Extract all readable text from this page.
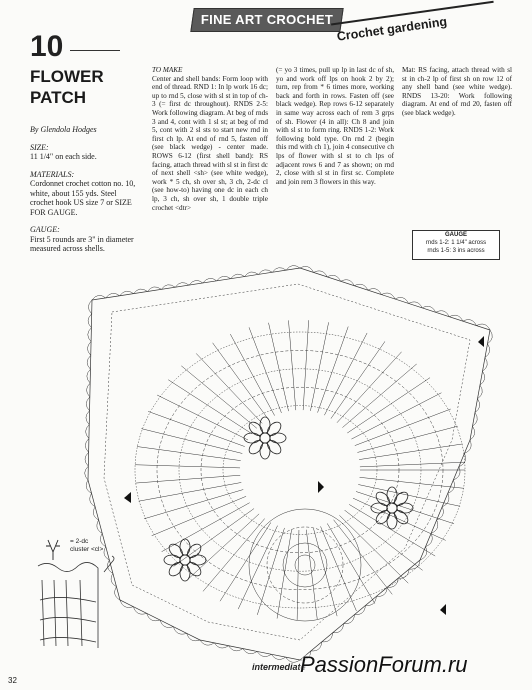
FINE ART CROCHET Crochet gardening
10
FLOWER
PATCH
By Glendola Hodges
SIZE:
11 1/4" on each side.
MATERIALS:
Cordonnet crochet cotton no. 10, white, about 155 yds. Steel crochet hook US size 7 or SIZE FOR GAUGE.
GAUGE:
First 5 rounds are 3" in diameter measured across shells.
TO MAKE
Center and shell bands: Form loop with end of thread. RND 1: In lp work 16 dc; up to rnd 5, close with sl st in top of ch-3 (= first dc throughout). RNDS 2-5: Work following diagram. At beg of rnds 3 and 4, cont with 1 sl st; at beg of rnd 5, cont with 2 sl sts to start new rnd in first ch lp. At end of rnd 5, fasten off (see black wedge) - center made. ROWS 6-12 (first shell band): RS facing, attach thread with sl st in first dc of next shell <sh> (see white wedge), work * 5 ch, sh over sh, 3 ch, 2-dc cl (see how-to) having one dc in each ch lp, 3 ch, sh over sh, 1 double triple crochet <dtr>
(= yo 3 times, pull up lp in last dc of sh, yo and work off lps on hook 2 by 2); turn, rep from * 6 times more, working back and forth in rows. Fasten off (see black wedge). Rep rows 6-12 separately in same way across each of rem 3 grps of sh. Flower (4 in all): Ch 8 and join with sl st to form ring. RNDS 1-2: Work following bold type. On rnd 2 (begin this rnd with ch 1), join 4 consecutive ch lps of flower with sl st to ch lps of adjacent rows 6 and 7 as shown; on rnd 2, close with sl st in first sc. Complete and join rem 3 flowers in this way.
Mat: RS facing, attach thread with sl st in ch-2 lp of first sh on row 12 of any shell band (see white wedge). RNDS 13-20: Work following diagram. At end of rnd 20, fasten off (see black wedge).
GAUGE
rnds 1-2: 1 1/4" across
rnds 1-5: 3 ins across
= 2-dc
cluster <cl>
intermediate
PassionForum.ru
32
